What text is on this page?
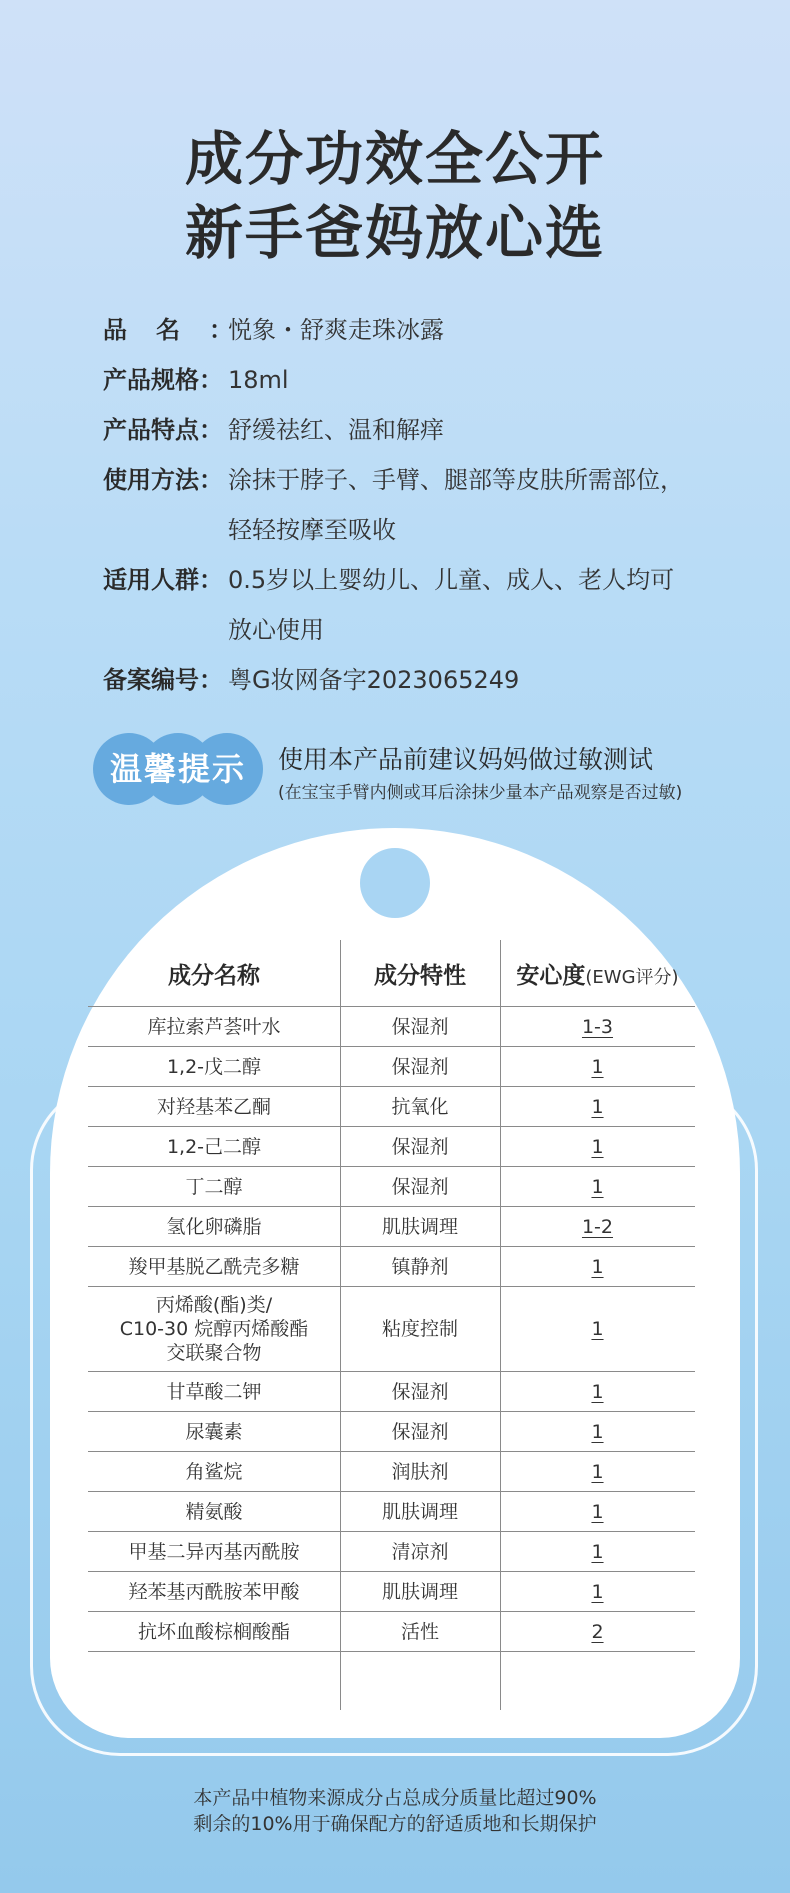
成分功效全公开
新手爸妈放心选
品名：
悦象・舒爽走珠冰露
产品规格： 18ml
产品特点： 舒缓祛红、温和解痒
使用方法： 涂抹于脖子、手臂、腿部等皮肤所需部位，
轻轻按摩至吸收
适用人群： 0.5岁以上婴幼儿、儿童、成人、老人均可
放心使用
备案编号： 粤G妆网备字2023065249
温馨提示	使用本产品前建议妈妈做过敏测试
(在宝宝手臂内侧或耳后涂抹少量本产品观察是否过敏)
成分名称	成分特性	安心度(EWG评分)
库拉索芦荟叶水	保湿剂	1-3
1,2-戊二醇	保湿剂	1
对羟基苯乙酮	抗氧化	1
1,2-己二醇	保湿剂	1
丁二醇	保湿剂	1
氢化卵磷脂	肌肤调理	1-2
羧甲基脱乙酰壳多糖	镇静剂	1
丙烯酸(酯)类/
C10-30 烷醇丙烯酸酯
交联聚合物
粘度控制	1
甘草酸二钾	保湿剂	1
尿囊素	保湿剂	1
角鲨烷	润肤剂	1
精氨酸	肌肤调理	1
甲基二异丙基丙酰胺	清凉剂	1
羟苯基丙酰胺苯甲酸	肌肤调理	1
抗坏血酸棕榈酸酯	活性	2
本产品中植物来源成分占总成分质量比超过90%
剩余的10%用于确保配方的舒适质地和长期保护
